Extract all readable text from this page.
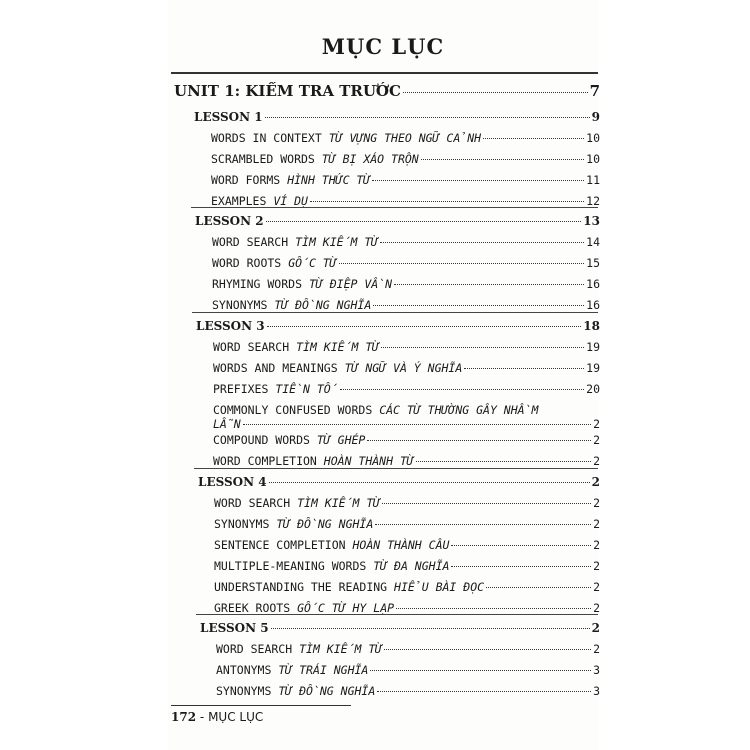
MỤC LỤC
UNIT 1: KIỂM TRA TRƯỚC	7
LESSON 1	9
WORDS IN CONTEXT TỪ VỰNG THEO NGỮ CẢNH	10
SCRAMBLED WORDS TỪ BỊ XÁO TRỘN	10
WORD FORMS HÌNH THỨC TỪ	11
EXAMPLES VÍ DỤ	12
LESSON 2	13
WORD SEARCH TÌM KIẾM TỪ	14
WORD ROOTS GỐC TỪ	15
RHYMING WORDS TỪ ĐIỆP VẦN	16
SYNONYMS TỪ ĐỒNG NGHĨA	16
LESSON 3	18
WORD SEARCH TÌM KIẾM TỪ	19
WORDS AND MEANINGS TỪ NGỮ VÀ Ý NGHĨA	19
PREFIXES TIỀN TỐ	20
COMMONLY CONFUSED WORDS CÁC TỪ THƯỜNG GÂY NHẦM
LẪN	2
COMPOUND WORDS TỪ GHÉP	2
WORD COMPLETION HOÀN THÀNH TỪ	2
LESSON 4	2
WORD SEARCH TÌM KIẾM TỪ	2
SYNONYMS TỪ ĐỒNG NGHĨA	2
SENTENCE COMPLETION HOÀN THÀNH CÂU	2
MULTIPLE-MEANING WORDS TỪ ĐA NGHĨA	2
UNDERSTANDING THE READING HIỂU BÀI ĐỌC	2
GREEK ROOTS GỐC TỪ HY LẠP	2
LESSON 5	2
WORD SEARCH TÌM KIẾM TỪ	2
ANTONYMS TỪ TRÁI NGHĨA	3
SYNONYMS TỪ ĐỒNG NGHĨA	3
172 - MỤC LỤC
